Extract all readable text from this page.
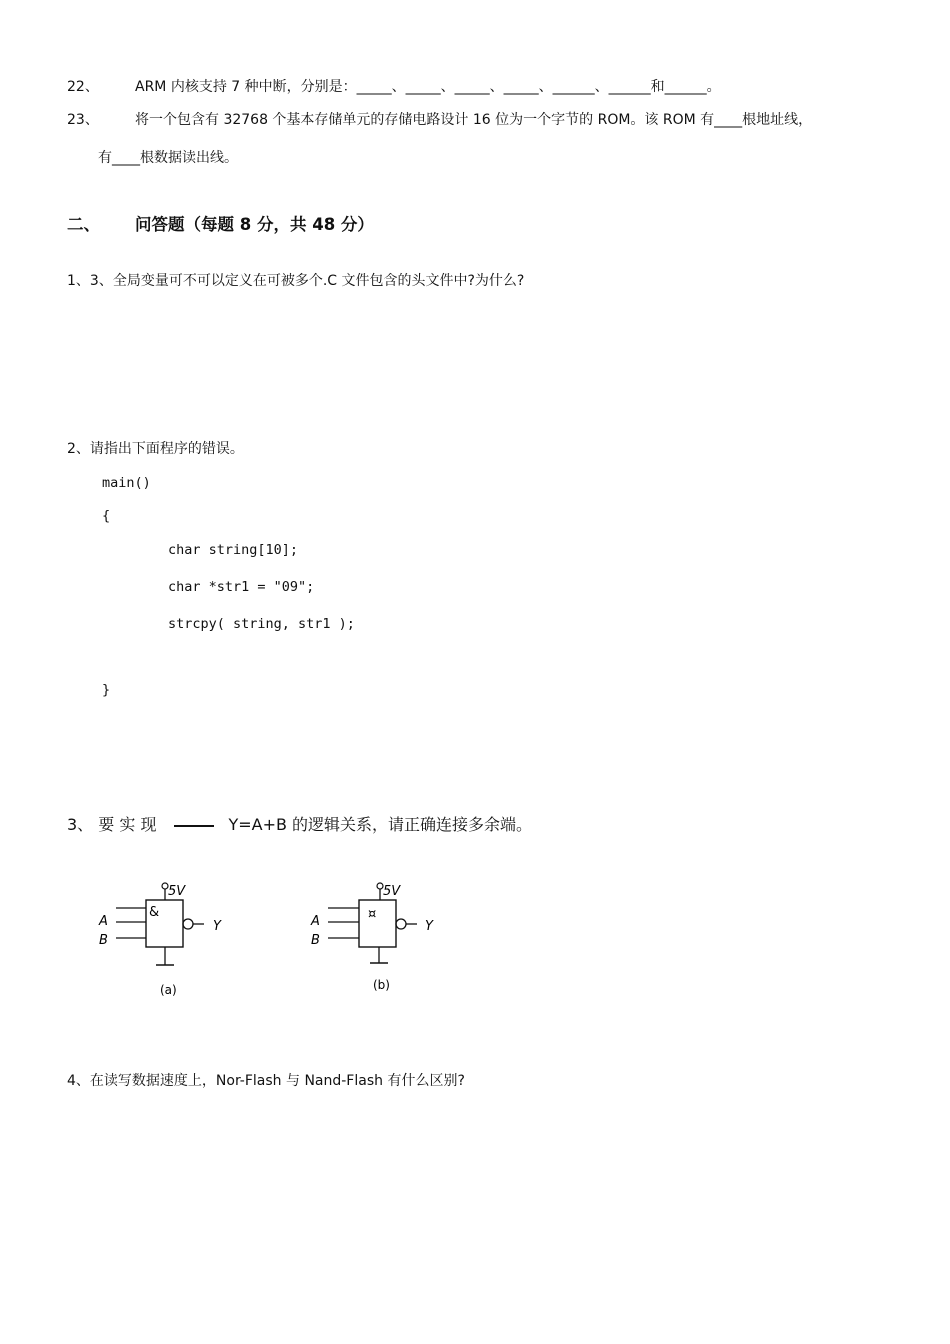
22、	ARM 内核支持 7 种中断，分别是：_____、_____、_____、_____、______、______和______。
23、	将一个包含有 32768 个基本存储单元的存储电路设计 16 位为一个字节的 ROM。该 ROM 有____根地址线，
有____根数据读出线。
二、 问答题（每题 8 分，共 48 分）
1、3、全局变量可不可以定义在可被多个.C 文件包含的头文件中?为什么?
2、请指出下面程序的错误。
main()
{
char string[10];
char *str1 = "09";
strcpy( string, str1 );
}
3、 要 实 现	Y=A+B 的逻辑关系，请正确连接多余端。
5V
&
A
B
Y
(a)
5V
¤
A
B
Y
(b)
4、在读写数据速度上，Nor-Flash 与 Nand-Flash 有什么区别?
